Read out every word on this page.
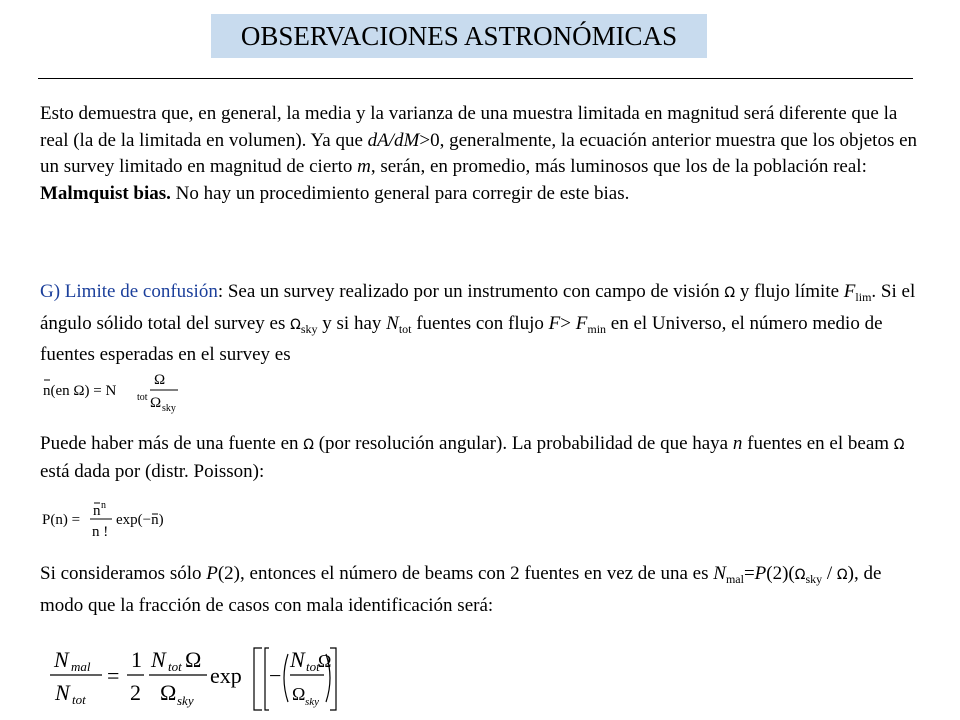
OBSERVACIONES ASTRONÓMICAS
Esto demuestra que, en general, la media y la varianza de una muestra limitada en magnitud será diferente que la real (la de la limitada en volumen). Ya que dA/dM>0, generalmente, la ecuación anterior muestra que los objetos en un survey limitado en magnitud de cierto m, serán, en promedio, más luminosos que los de la población real: Malmquist bias. No hay un procedimiento general para corregir de este bias.
G) Limite de confusión: Sea un survey realizado por un instrumento con campo de visión Ω y flujo límite $F_{lim}$. Si el ángulo sólido total del survey es $\Omega_{sky}$ y si hay $N_{tot}$ fuentes con flujo $F> F_{min}$ en el Universo, el número medio de fuentes esperadas en el survey es
n(en Ω) = N tot
Ω
Ω sky
Puede haber más de una fuente en Ω (por resolución angular). La probabilidad de que haya n fuentes en el beam Ω está dada por (distr. Poisson):
P(n) =
n n
n !
exp(−n)
Si consideramos sólo P(2), entonces el número de beams con 2 fuentes en vez de una es $N_{mal}=P(2)(\Omega_{sky} / \Omega)$, de modo que la fracción de casos con mala identificación será:
N mal
N tot
=
1
2
N tot Ω
Ω sky
exp −
N tot
Ω
Ω sky
